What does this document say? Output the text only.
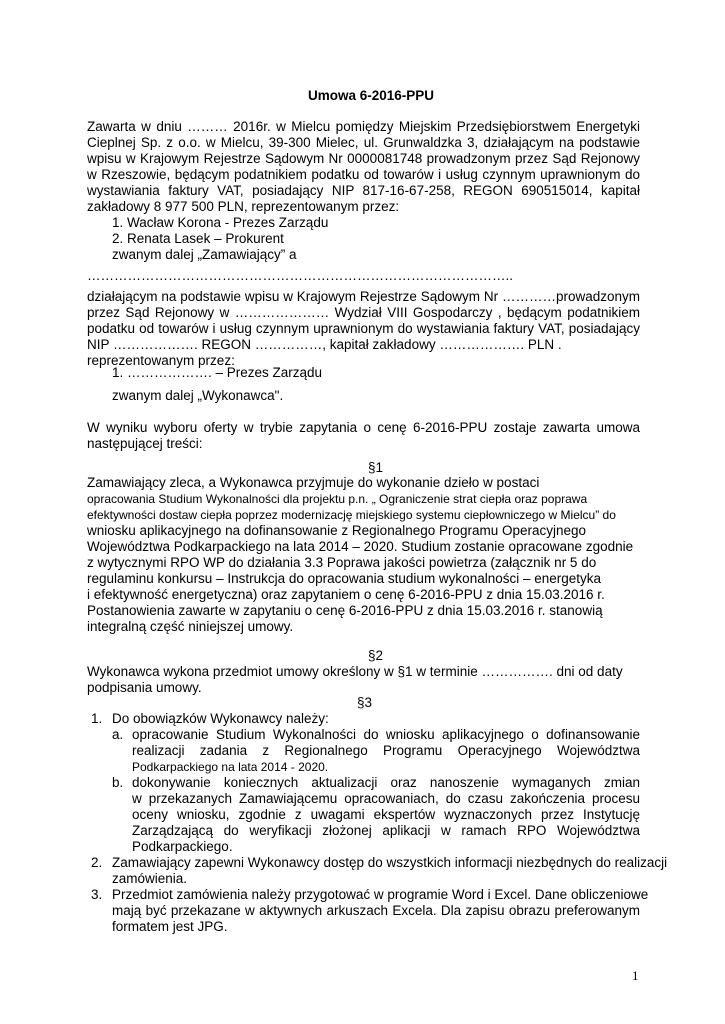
Umowa 6-2016-PPU
Zawarta w dniu ……… 2016r. w Mielcu pomiędzy Miejskim Przedsiębiorstwem Energetyki
Cieplnej Sp. z o.o. w Mielcu, 39-300 Mielec, ul. Grunwaldzka 3, działającym na podstawie
wpisu w Krajowym Rejestrze Sądowym Nr 0000081748 prowadzonym przez Sąd Rejonowy
w Rzeszowie, będącym podatnikiem podatku od towarów i usług czynnym uprawnionym do
wystawiania faktury VAT, posiadający NIP 817-16-67-258, REGON 690515014, kapitał
zakładowy 8 977 500 PLN, reprezentowanym przez:
1. Wacław Korona - Prezes Zarządu
2. Renata Lasek – Prokurent
zwanym dalej „Zamawiający” a
…………………………………………………………………………………..
działającym na podstawie wpisu w Krajowym Rejestrze Sądowym Nr …………prowadzonym
przez Sąd Rejonowy w ………………… Wydział VIII Gospodarczy , będącym podatnikiem
podatku od towarów i usług czynnym uprawnionym do wystawiania faktury VAT, posiadający
NIP ………………. REGON ……………, kapitał zakładowy ………………. PLN .
reprezentowanym przez:
1. ………………. – Prezes Zarządu
zwanym dalej „Wykonawca".
W wyniku wyboru oferty w trybie zapytania o cenę 6-2016-PPU zostaje zawarta umowa
następującej treści:
§1
Zamawiający zleca, a Wykonawca przyjmuje do wykonanie dzieło w postaci
opracowania Studium Wykonalności dla projektu p.n. „ Ograniczenie strat ciepła oraz poprawa
efektywności dostaw ciepła poprzez modernizację miejskiego systemu ciepłowniczego w Mielcu” do
wniosku aplikacyjnego na dofinansowanie z Regionalnego Programu Operacyjnego
Województwa Podkarpackiego na lata 2014 – 2020. Studium zostanie opracowane zgodnie
z wytycznymi RPO WP do działania 3.3 Poprawa jakości powietrza (załącznik nr 5 do
regulaminu konkursu – Instrukcja do opracowania studium wykonalności – energetyka
i efektywność energetyczna) oraz zapytaniem o cenę 6-2016-PPU z dnia 15.03.2016 r.
Postanowienia zawarte w zapytaniu o cenę 6-2016-PPU z dnia 15.03.2016 r. stanowią
integralną część niniejszej umowy.
§2
Wykonawca wykona przedmiot umowy określony w §1 w terminie ……………. dni od daty
podpisania umowy.
§3
1. Do obowiązków Wykonawcy należy:
a. opracowanie Studium Wykonalności do wniosku aplikacyjnego o dofinansowanie
realizacji zadania z Regionalnego Programu Operacyjnego Województwa
Podkarpackiego na lata 2014 - 2020.
b. dokonywanie koniecznych aktualizacji oraz nanoszenie wymaganych zmian
w przekazanych Zamawiającemu opracowaniach, do czasu zakończenia procesu
oceny wniosku, zgodnie z uwagami ekspertów wyznaczonych przez Instytucję
Zarządzającą do weryfikacji złożonej aplikacji w ramach RPO Województwa
Podkarpackiego.
2. Zamawiający zapewni Wykonawcy dostęp do wszystkich informacji niezbędnych do realizacji
zamówienia.
3. Przedmiot zamówienia należy przygotować w programie Word i Excel. Dane obliczeniowe
mają być przekazane w aktywnych arkuszach Excela. Dla zapisu obrazu preferowanym
formatem jest JPG.
1
